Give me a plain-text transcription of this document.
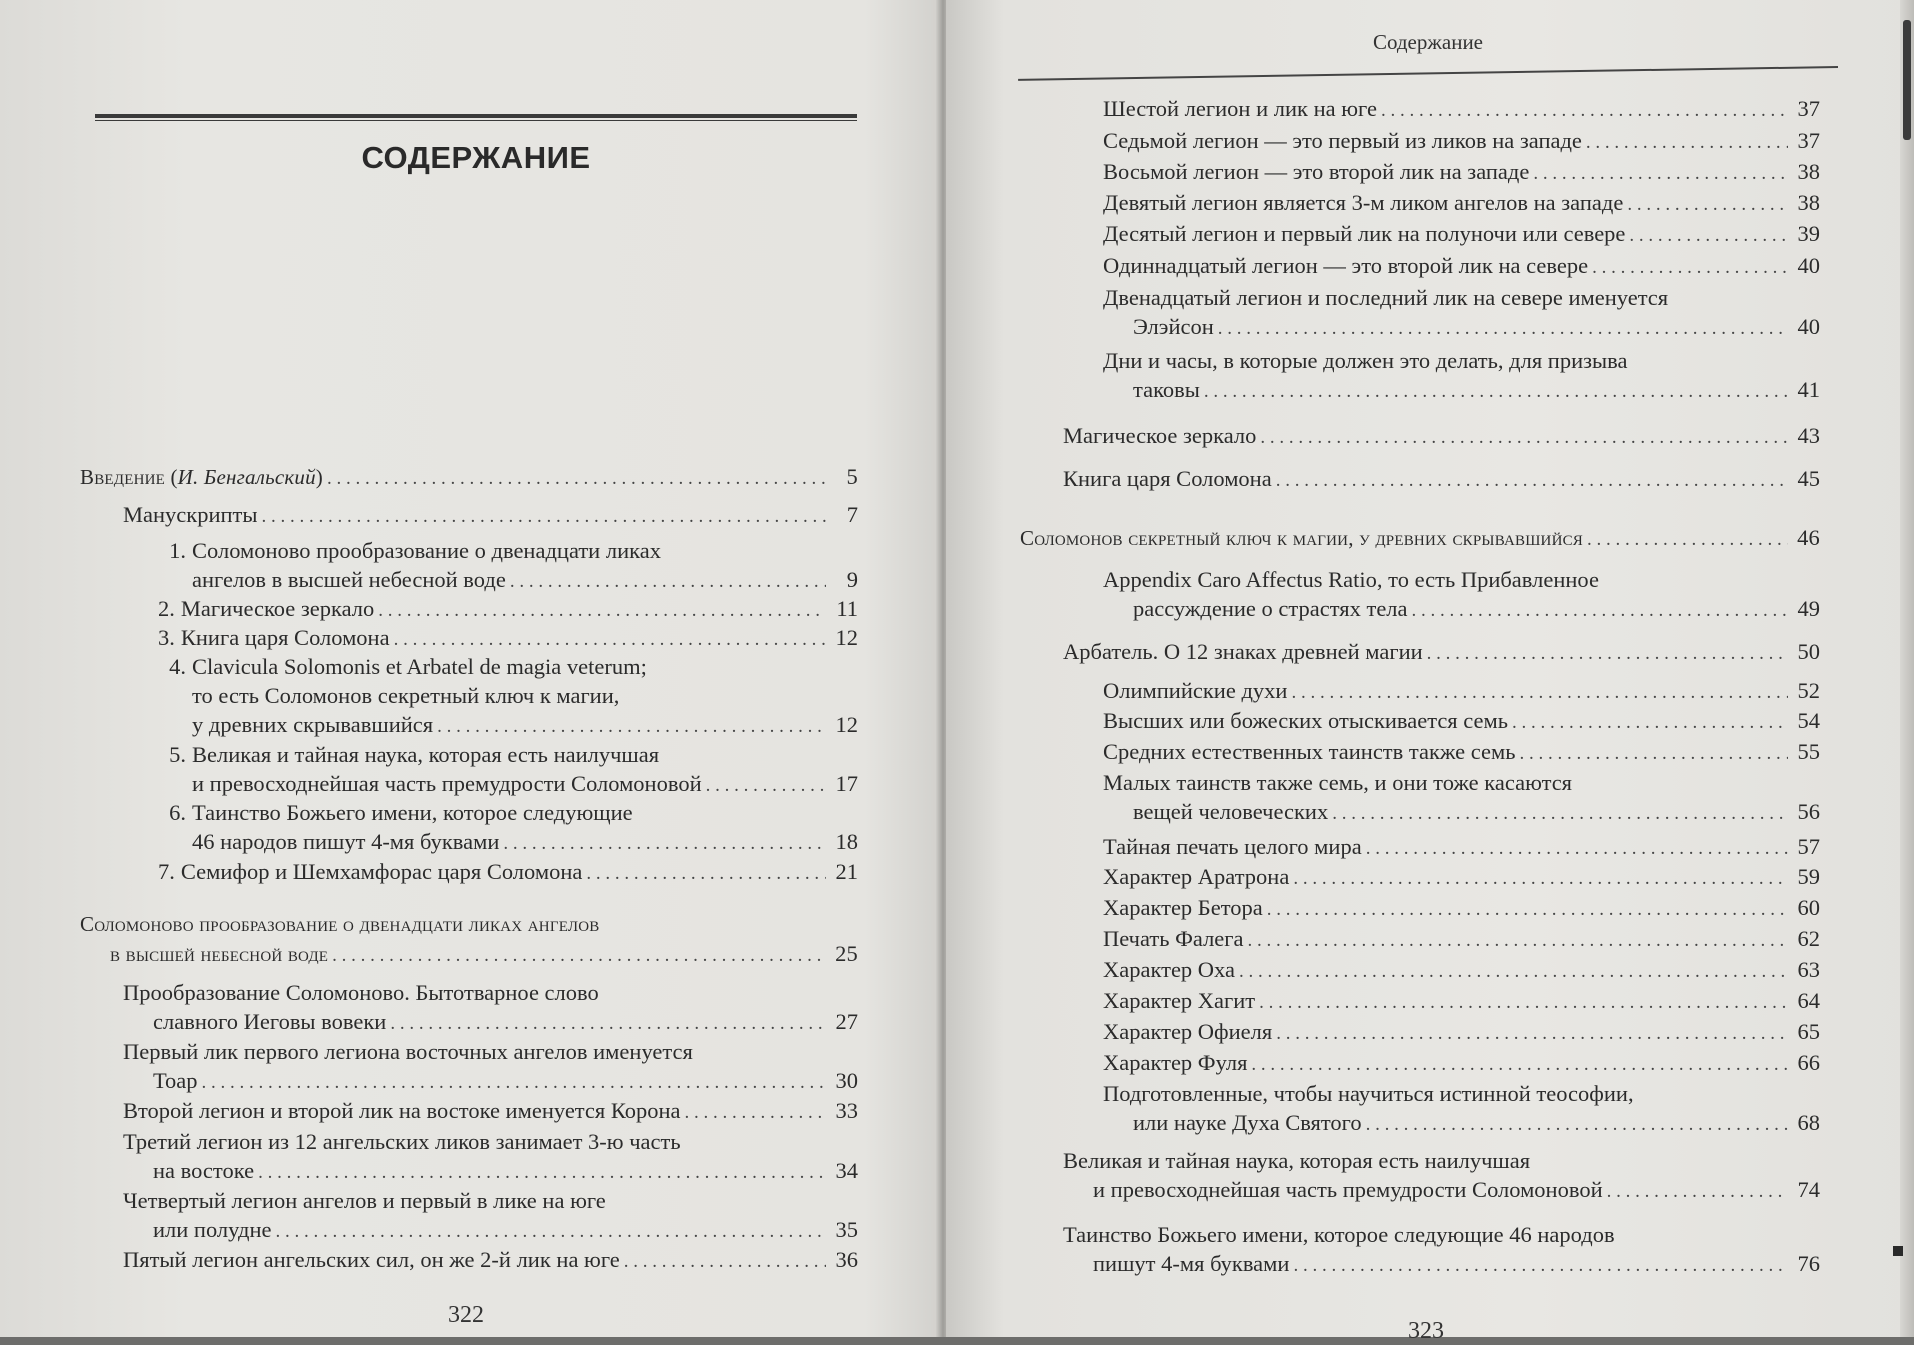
СОДЕРЖАНИЕ
Содержание
322
323
Введение (И. Бенгальский) . . .	5
Манускрипты . . .	7
1. Соломоново прообразование о двенадцати ликах
ангелов в высшей небесной воде . . .	9
2. Магическое зеркало . . .	11
3. Книга царя Соломона . . .	12
4. Clavicula Solomonis et Arbatel de magia veterum;
то есть Соломонов секретный ключ к магии,
у древних скрывавшийся . . .	12
5. Великая и тайная наука, которая есть наилучшая
и превосходнейшая часть премудрости Соломоновой . . .	17
6. Таинство Божьего имени, которое следующие
46 народов пишут 4-мя буквами . . .	18
7. Семифор и Шемхамфорас царя Соломона . . .	21
Соломоново прообразование о двенадцати ликах ангелов
в высшей небесной воде . . .	25
Прообразование Соломоново. Бытотварное слово
славного Иеговы вовеки . . .	27
Первый лик первого легиона восточных ангелов именуется
Тоар . . .	30
Второй легион и второй лик на востоке именуется Корона . . .	33
Третий легион из 12 ангельских ликов занимает 3-ю часть
на востоке . . .	34
Четвертый легион ангелов и первый в лике на юге
или полудне . . .	35
Пятый легион ангельских сил, он же 2-й лик на юге . . .	36
Шестой легион и лик на юге . . .	37
Седьмой легион — это первый из ликов на западе . . .	37
Восьмой легион — это второй лик на западе . . .	38
Девятый легион является 3-м ликом ангелов на западе . . .	38
Десятый легион и первый лик на полуночи или севере . . .	39
Одиннадцатый легион — это второй лик на севере . . .	40
Двенадцатый легион и последний лик на севере именуется
Элэйсон . . .	40
Дни и часы, в которые должен это делать, для призыва
таковы . . .	41
Магическое зеркало . . .	43
Книга царя Соломона . . .	45
Соломонов секретный ключ к магии, у древних скрывавшийся . . .	46
Appendix Caro Affectus Ratio, то есть Прибавленное
рассуждение о страстях тела . . .	49
Арбатель. О 12 знаках древней магии . . .	50
Олимпийские духи . . .	52
Высших или божеских отыскивается семь . . .	54
Средних естественных таинств также семь . . .	55
Малых таинств также семь, и они тоже касаются
вещей человеческих . . .	56
Тайная печать целого мира . . .	57
Характер Аратрона . . .	59
Характер Бетора . . .	60
Печать Фалега . . .	62
Характер Оха . . .	63
Характер Хагит . . .	64
Характер Офиеля . . .	65
Характер Фуля . . .	66
Подготовленные, чтобы научиться истинной теософии,
или науке Духа Святого . . .	68
Великая и тайная наука, которая есть наилучшая
и превосходнейшая часть премудрости Соломоновой . . .	74
Таинство Божьего имени, которое следующие 46 народов
пишут 4-мя буквами . . .	76
